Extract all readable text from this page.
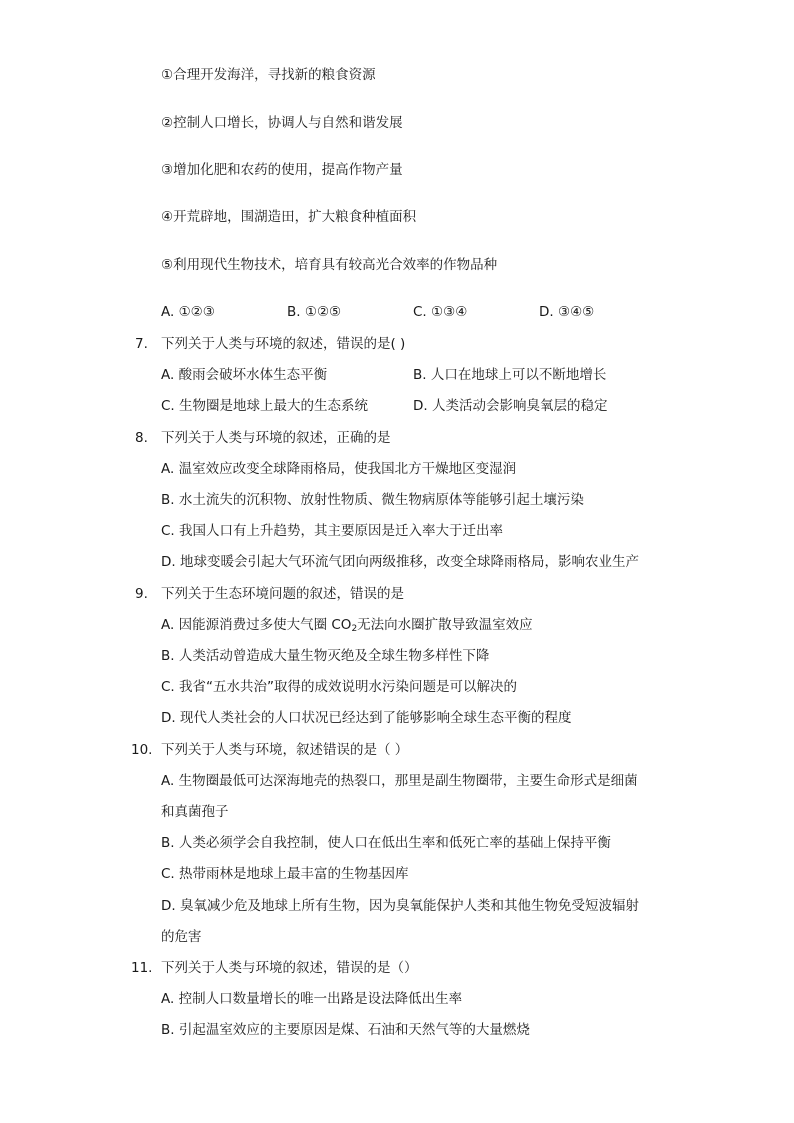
①合理开发海洋，寻找新的粮食资源
②控制人口增长，协调人与自然和谐发展
③增加化肥和农药的使用，提高作物产量
④开荒辟地，围湖造田，扩大粮食种植面积
⑤利用现代生物技术，培育具有较高光合效率的作物品种
A. ①②③	B. ①②⑤	C. ①③④	D. ③④⑤
7. 下列关于人类与环境的叙述，错误的是( )
A. 酸雨会破坏水体生态平衡	B. 人口在地球上可以不断地增长
C. 生物圈是地球上最大的生态系统	D. 人类活动会影响臭氧层的稳定
8. 下列关于人类与环境的叙述，正确的是
A. 温室效应改变全球降雨格局，使我国北方干燥地区变湿润
B. 水土流失的沉积物、放射性物质、微生物病原体等能够引起土壤污染
C. 我国人口有上升趋势，其主要原因是迁入率大于迁出率
D. 地球变暖会引起大气环流气团向两级推移，改变全球降雨格局，影响农业生产
9. 下列关于生态环境问题的叙述，错误的是
A. 因能源消费过多使大气圈 $CO_2$无法向水圈扩散导致温室效应
B. 人类活动曾造成大量生物灭绝及全球生物多样性下降
C. 我省“五水共治”取得的成效说明水污染问题是可以解决的
D. 现代人类社会的人口状况已经达到了能够影响全球生态平衡的程度
10. 下列关于人类与环境，叙述错误的是（ ）
A. 生物圈最低可达深海地壳的热裂口，那里是副生物圈带，主要生命形式是细菌
和真菌孢子
B. 人类必须学会自我控制，使人口在低出生率和低死亡率的基础上保持平衡
C. 热带雨林是地球上最丰富的生物基因库
D. 臭氧减少危及地球上所有生物，因为臭氧能保护人类和其他生物免受短波辐射
的危害
11. 下列关于人类与环境的叙述，错误的是（）
A. 控制人口数量增长的唯一出路是设法降低出生率
B. 引起温室效应的主要原因是煤、石油和天然气等的大量燃烧
